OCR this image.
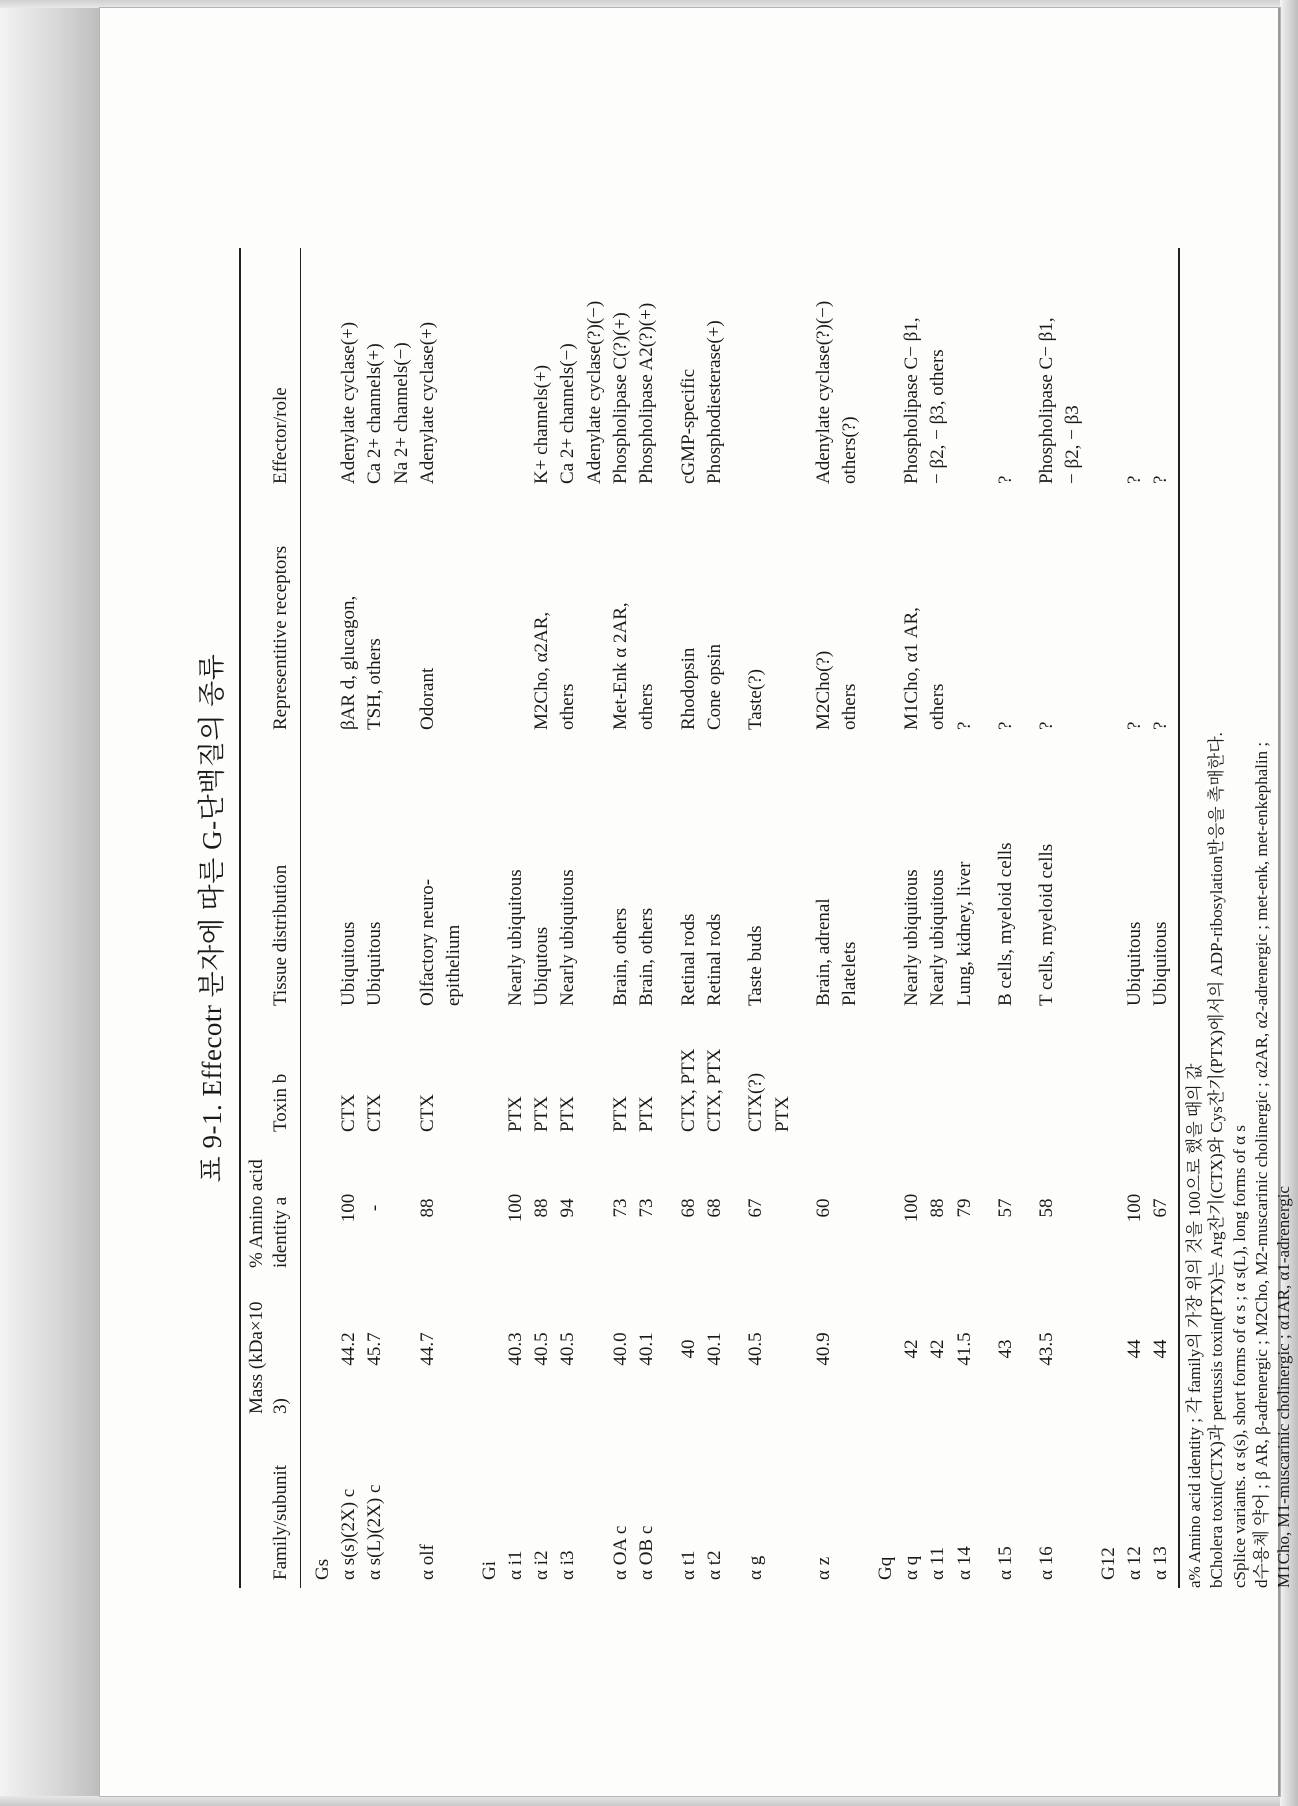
표 9-1. Effecotr 분자에 따른 G-단백질의 종류
Family/subunit	Mass (kDa×10 3)	% Amino acid identity a	Toxin b	Tissue distribution	Representitive receptors	Effector/role
Gs						
α s(s)(2X) c	44.2	100	CTX	Ubiquitous	βAR d, glucagon,	Adenylate cyclase(+)
α s(L)(2X) c	45.7	-	CTX	Ubiquitous	TSH, others	Ca 2+ channels(+)
						Na 2+ channels(−)
α olf	44.7	88	CTX	Olfactory neuro-	Odorant	Adenylate cyclase(+)
				epithelium		
Gi						
α i1	40.3	100	PTX	Nearly ubiquitous		
α i2	40.5	88	PTX	Ubiqutous	M2Cho, α2AR,	K+ channels(+)
α i3	40.5	94	PTX	Nearly ubiquitous	others	Ca 2+ channels(−)
						Adenylate cyclase(?)(−)
α OA c	40.0	73	PTX	Brain, others	Met-Enk α 2AR,	Phospholipase C(?)(+)
α OB c	40.1	73	PTX	Brain, others	others	Phospholipase A2(?)(+)
α t1	40	68	CTX, PTX	Retinal rods	Rhodopsin	cGMP-specific
α t2	40.1	68	CTX, PTX	Retinal rods	Cone opsin	Phosphodiesterase(+)
α g	40.5	67	CTX(?)	Taste buds	Taste(?)	
			PTX			
α z	40.9	60		Brain, adrenal	M2Cho(?)	Adenylate cyclase(?)(−)
				Platelets	others	others(?)
Gq						
α q	42	100		Nearly ubiquitous	M1Cho, α1 AR,	Phospholipase C− β1,
α 11	42	88		Nearly ubiquitous	others	− β2, − β3, others
α 14	41.5	79		Lung, kidney, liver	?	
α 15	43	57		B cells, myeloid cells	?	?
α 16	43.5	58		T cells, myeloid cells	?	Phospholipase C− β1,
						− β2, − β3
G12						
α 12	44	100		Ubiquitous	?	?
α 13	44	67		Ubiquitous	?	?

a% Amino acid identity ; 각 family의 가장 위의 것을 100으로 했을 때의 값 bCholera toxin(CTX)과 pertussis toxin(PTX)는 Arg잔기(CTX)와 Cys잔기(PTX)에서의 ADP-ribosylation반응을 촉매한다. cSplice variants. α s(s), short forms of α s ; α s(L), long forms of α s d수용체 약어 ; β AR, β-adrenergic ; M2Cho, M2-muscarinic cholinergic ; α2AR, α2-adrenergic ; met-enk, met-enkephalin ; M1Cho, M1-muscarinic cholinergic ; α1AR, α1-adrenergic
